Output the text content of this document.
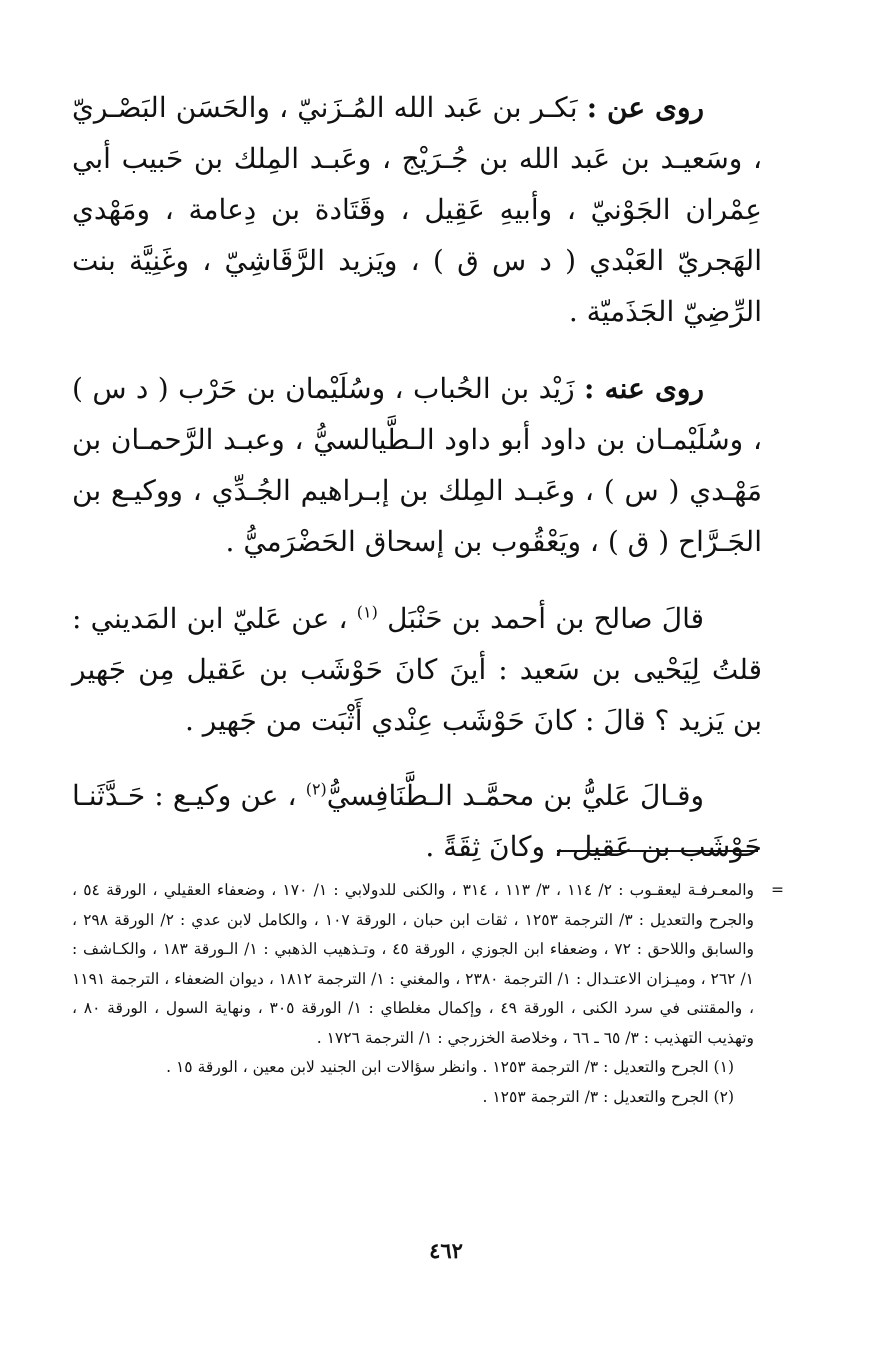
روى عن : بَكـر بن عَبد الله المُـزَنيّ ، والحَسَن البَصْـريّ ، وسَعيـد بن عَبد الله بن جُـرَيْج ، وعَبـد المِلك بن حَبيب أبي عِمْران الجَوْنيّ ، وأبيهِ عَقِيل ، وقَتَادة بن دِعامة ، ومَهْدي الهَجريّ العَبْدي ( د س ق ) ، ويَزيد الرَّقَاشِيّ ، وغَنِيَّة بنت الرِّضِيّ الجَذَميّة .

روى عنه : زَيْد بن الحُباب ، وسُلَيْمان بن حَرْب ( د س ) ، وسُلَيْمـان بن داود أبو داود الـطَّيالسيُّ ، وعبـد الرَّحمـان بن مَهْـدي ( س ) ، وعَبـد المِلك بن إبـراهيم الجُـدِّي ، ووكيـع بن الجَـرَّاح ( ق ) ، ويَعْقُوب بن إسحاق الحَضْرَميُّ .

قالَ صالح بن أحمد بن حَنْبَل $^{(١)}$ ، عن عَليّ ابن المَديني : قلتُ لِيَحْيى بن سَعيد : أينَ كانَ حَوْشَب بن عَقيل مِن جَهير بن يَزيد ؟ قالَ : كانَ حَوْشَب عِنْدي أَثْبَت من جَهير .

وقـالَ عَليُّ بن محمَّـد الـطَّنَافِسيُّ$^{(٢)}$ ، عن وكيـع : حَـدَّثَنـا حَوْشَب بن عَقيل ، وكانَ ثِقَةً .

=
والمعـرفـة ليعقـوب : ٢/ ١١٤ ، ٣/ ١١٣ ، ٣١٤ ، والكنى للدولابي : ١/ ١٧٠ ، وضعفاء العقيلي ، الورقة ٥٤ ، والجرح والتعديل : ٣/ الترجمة ١٢٥٣ ، ثقات ابن حبان ، الورقة ١٠٧ ، والكامل لابن عدي : ٢/ الورقة ٢٩٨ ، والسابق واللاحق : ٧٢ ، وضعفاء ابن الجوزي ، الورقة ٤٥ ، وتـذهيب الذهبي : ١/ الـورقة ١٨٣ ، والكـاشف : ١/ ٢٦٢ ، وميـزان الاعتـدال : ١/ الترجمة ٢٣٨٠ ، والمغني : ١/ الترجمة ١٨١٢ ، ديوان الضعفاء ، الترجمة ١١٩١ ، والمقتنى في سرد الكنى ، الورقة ٤٩ ، وإكمال مغلطاي : ١/ الورقة ٣٠٥ ، ونهاية السول ، الورقة ٨٠ ، وتهذيب التهذيب : ٣/ ٦٥ ـ ٦٦ ، وخلاصة الخزرجي : ١/ الترجمة ١٧٢٦ .

(١) الجرح والتعديل : ٣/ الترجمة ١٢٥٣ . وانظر سؤالات ابن الجنيد لابن معين ، الورقة ١٥ .

(٢) الجرح والتعديل : ٣/ الترجمة ١٢٥٣ .

٤٦٢
